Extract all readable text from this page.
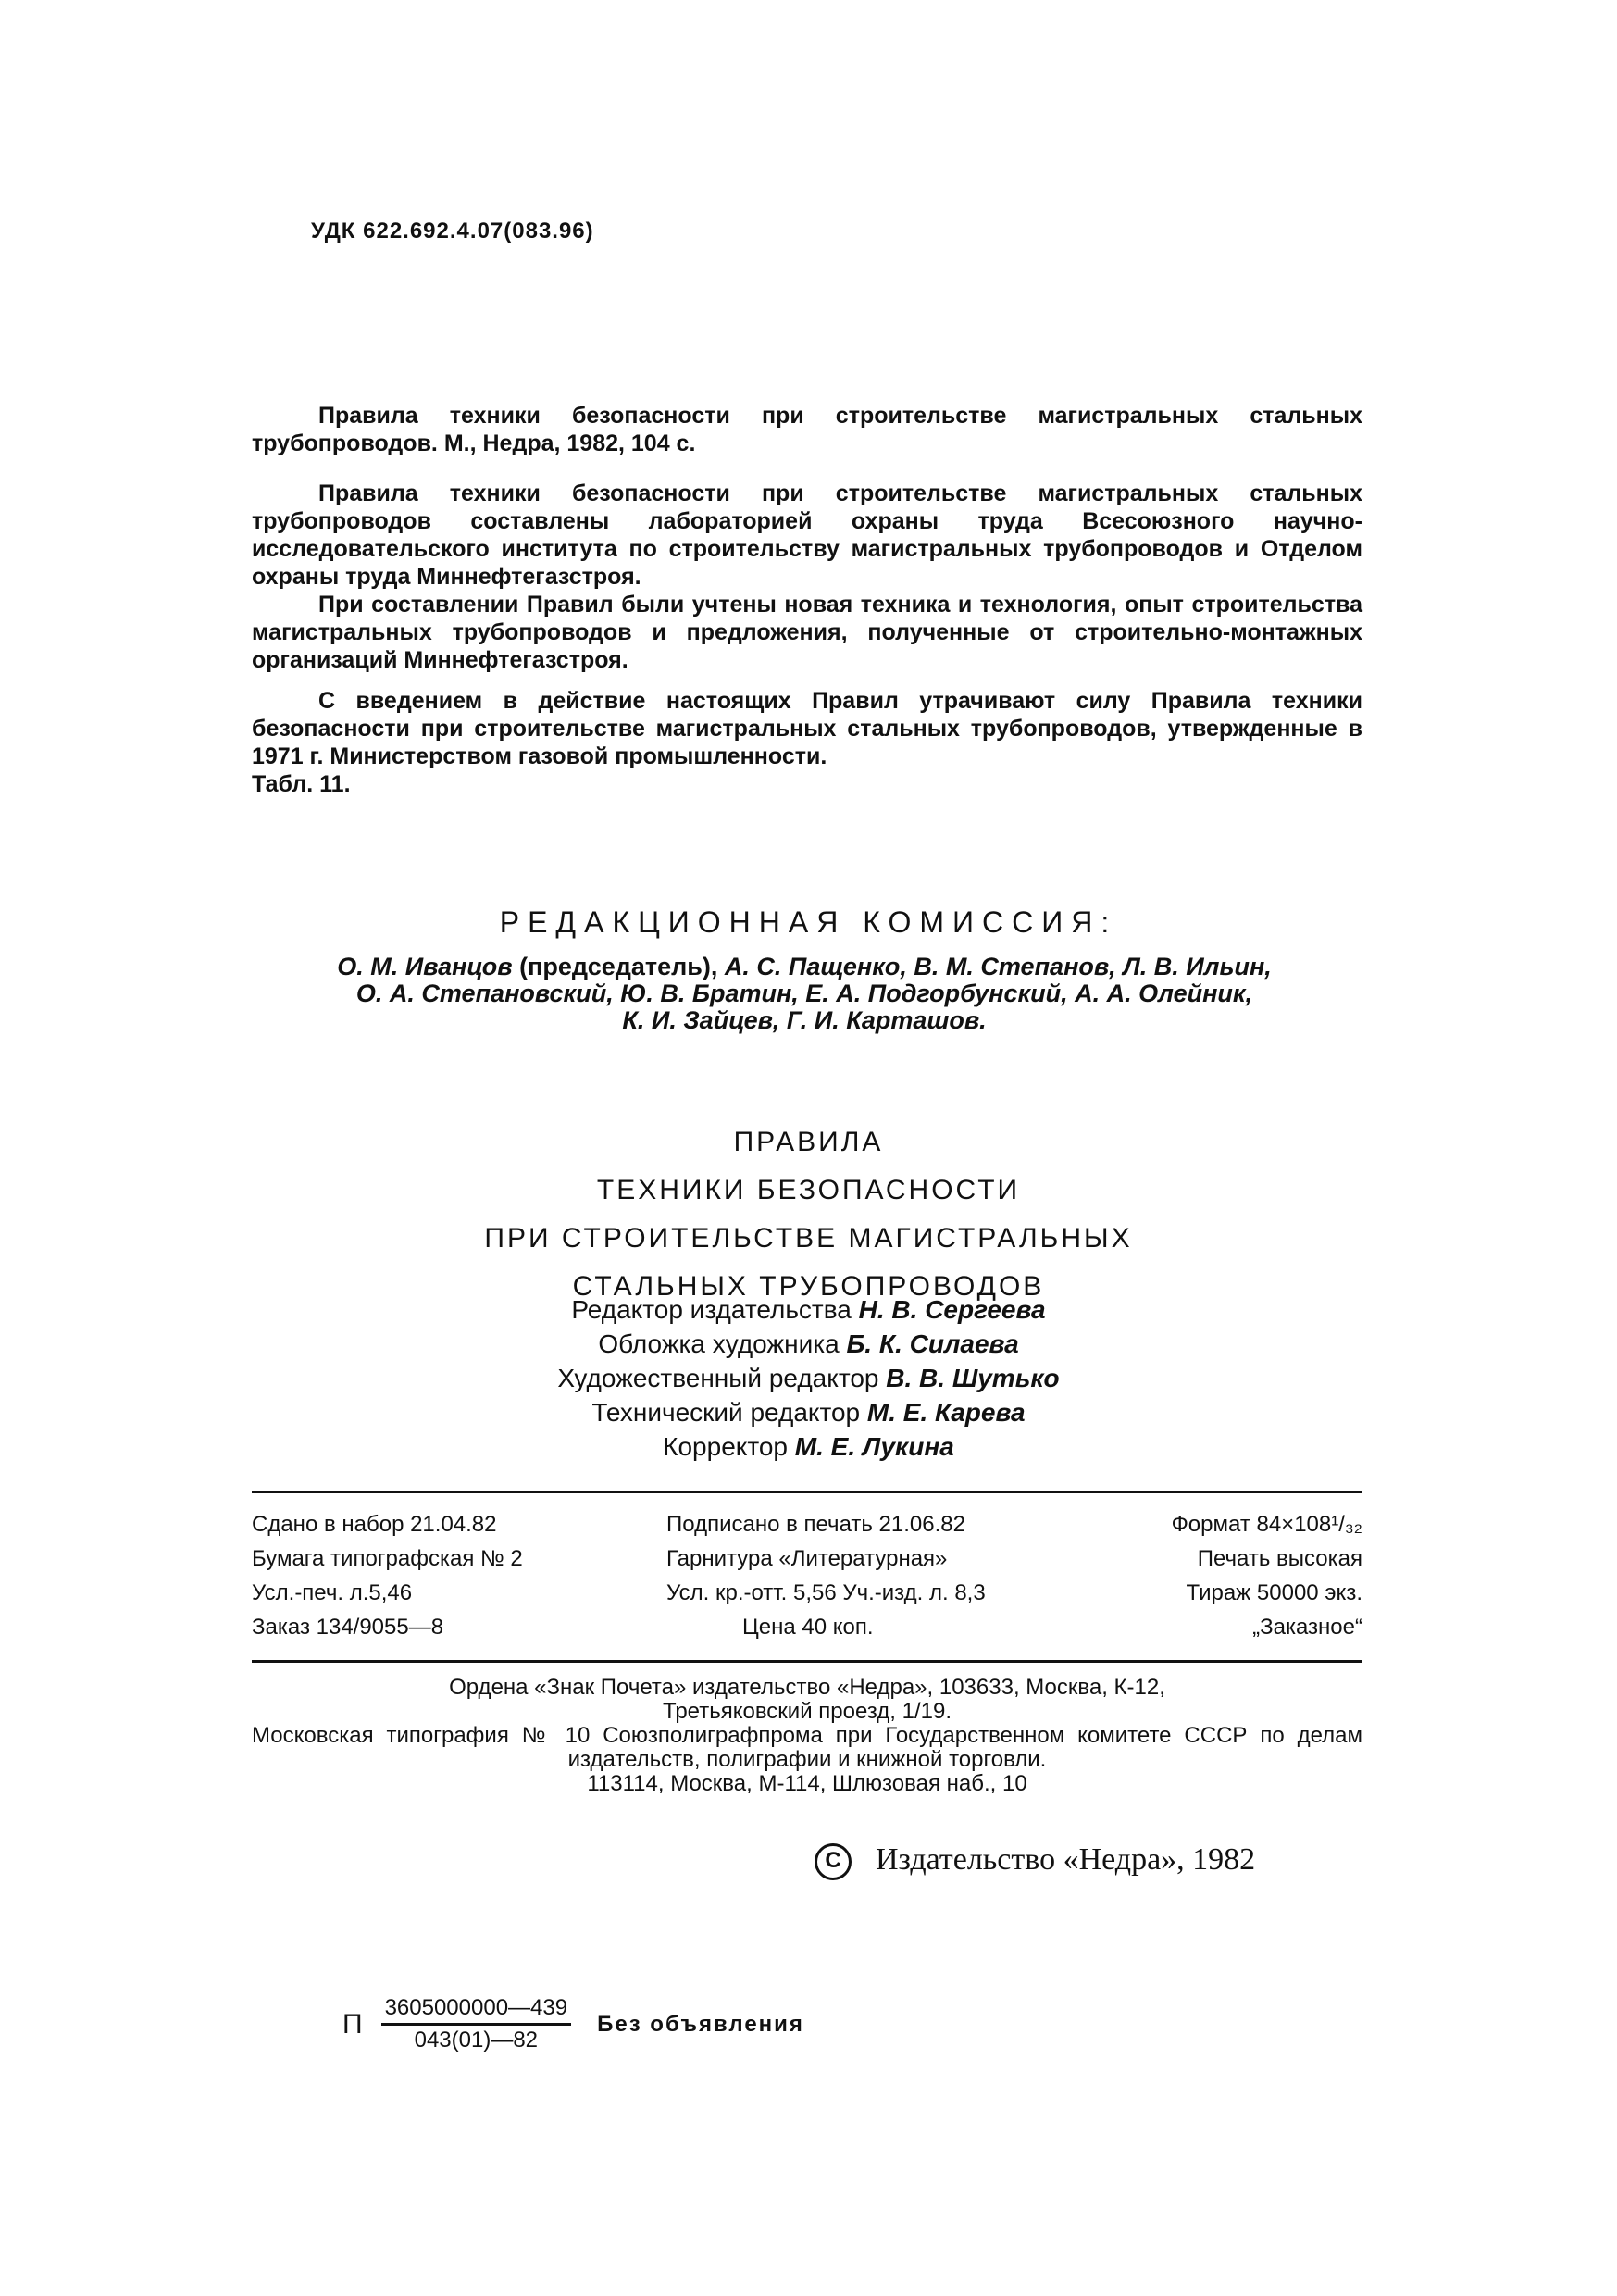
УДК 622.692.4.07(083.96)

Правила техники безопасности при строительстве магистральных стальных трубопроводов. М., Недра, 1982, 104 с.

Правила техники безопасности при строительстве магистральных стальных трубопроводов составлены лабораторией охраны труда Всесоюзного научно-исследовательского института по строительству магистральных трубопроводов и Отделом охраны труда Миннефтегазстроя.

При составлении Правил были учтены новая техника и технология, опыт строительства магистральных трубопроводов и предложения, полученные от строительно-монтажных организаций Миннефтегазстроя.

С введением в действие настоящих Правил утрачивают силу Правила техники безопасности при строительстве магистральных стальных трубопроводов, утвержденные в 1971 г. Министерством газовой промышленности.

Табл. 11.
РЕДАКЦИОННАЯ КОМИССИЯ:
О. М. Иванцов (председатель), А. С. Пащенко, В. М. Степанов, Л. В. Ильин,
О. А. Степановский, Ю. В. Братин, Е. А. Подгорбунский, А. А. Олейник,
К. И. Зайцев, Г. И. Карташов.
ПРАВИЛА
ТЕХНИКИ БЕЗОПАСНОСТИ
ПРИ СТРОИТЕЛЬСТВЕ МАГИСТРАЛЬНЫХ
СТАЛЬНЫХ ТРУБОПРОВОДОВ
Редактор издательства Н. В. Сергеева
Обложка художника Б. К. Силаева
Художественный редактор В. В. Шутько
Технический редактор М. Е. Карева
Корректор М. Е. Лукина
Сдано в набор 21.04.82	Подписано в печать 21.06.82	Формат 84×108¹/₃₂
Бумага типографская № 2	Гарнитура «Литературная»	Печать высокая
Усл.-печ. л.5,46	Усл. кр.-отт. 5,56 Уч.-изд. л. 8,3	Тираж 50000 экз.
Заказ 134/9055—8	Цена 40 коп.	„Заказное“

Ордена «Знак Почета» издательство «Недра», 103633, Москва, К-12,

Третьяковский проезд, 1/19.

Московская типография № 10 Союзполиграфпрома при Государственном комитете СССР по делам издательств, полиграфии и книжной торговли.

113114, Москва, М-114, Шлюзовая наб., 10

C Издательство «Недра», 1982
П $\frac{3605000000—439}{043(01)—82}$ Без объявления
